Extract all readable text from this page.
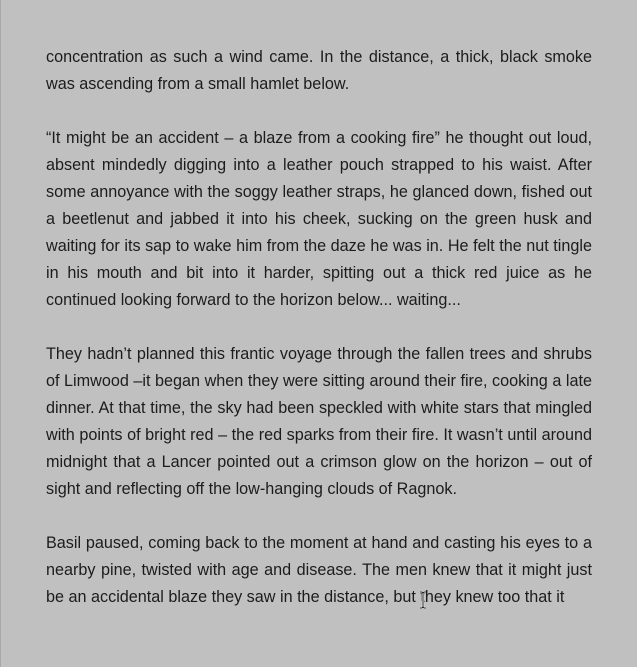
concentration as such a wind came. In the distance, a thick, black smoke was ascending from a small hamlet below.

“It might be an accident – a blaze from a cooking fire” he thought out loud, absent mindedly digging into a leather pouch strapped to his waist. After some annoyance with the soggy leather straps, he glanced down, fished out a beetlenut and jabbed it into his cheek, sucking on the green husk and waiting for its sap to wake him from the daze he was in. He felt the nut tingle in his mouth and bit into it harder, spitting out a thick red juice as he continued looking forward to the horizon below... waiting...

They hadn’t planned this frantic voyage through the fallen trees and shrubs of Limwood –it began when they were sitting around their fire, cooking a late dinner. At that time, the sky had been speckled with white stars that mingled with points of bright red – the red sparks from their fire. It wasn’t until around midnight that a Lancer pointed out a crimson glow on the horizon – out of sight and reflecting off the low-hanging clouds of Ragnok.

Basil paused, coming back to the moment at hand and casting his eyes to a nearby pine, twisted with age and disease. The men knew that it might just be an accidental blaze they saw in the distance, but they knew too that it
